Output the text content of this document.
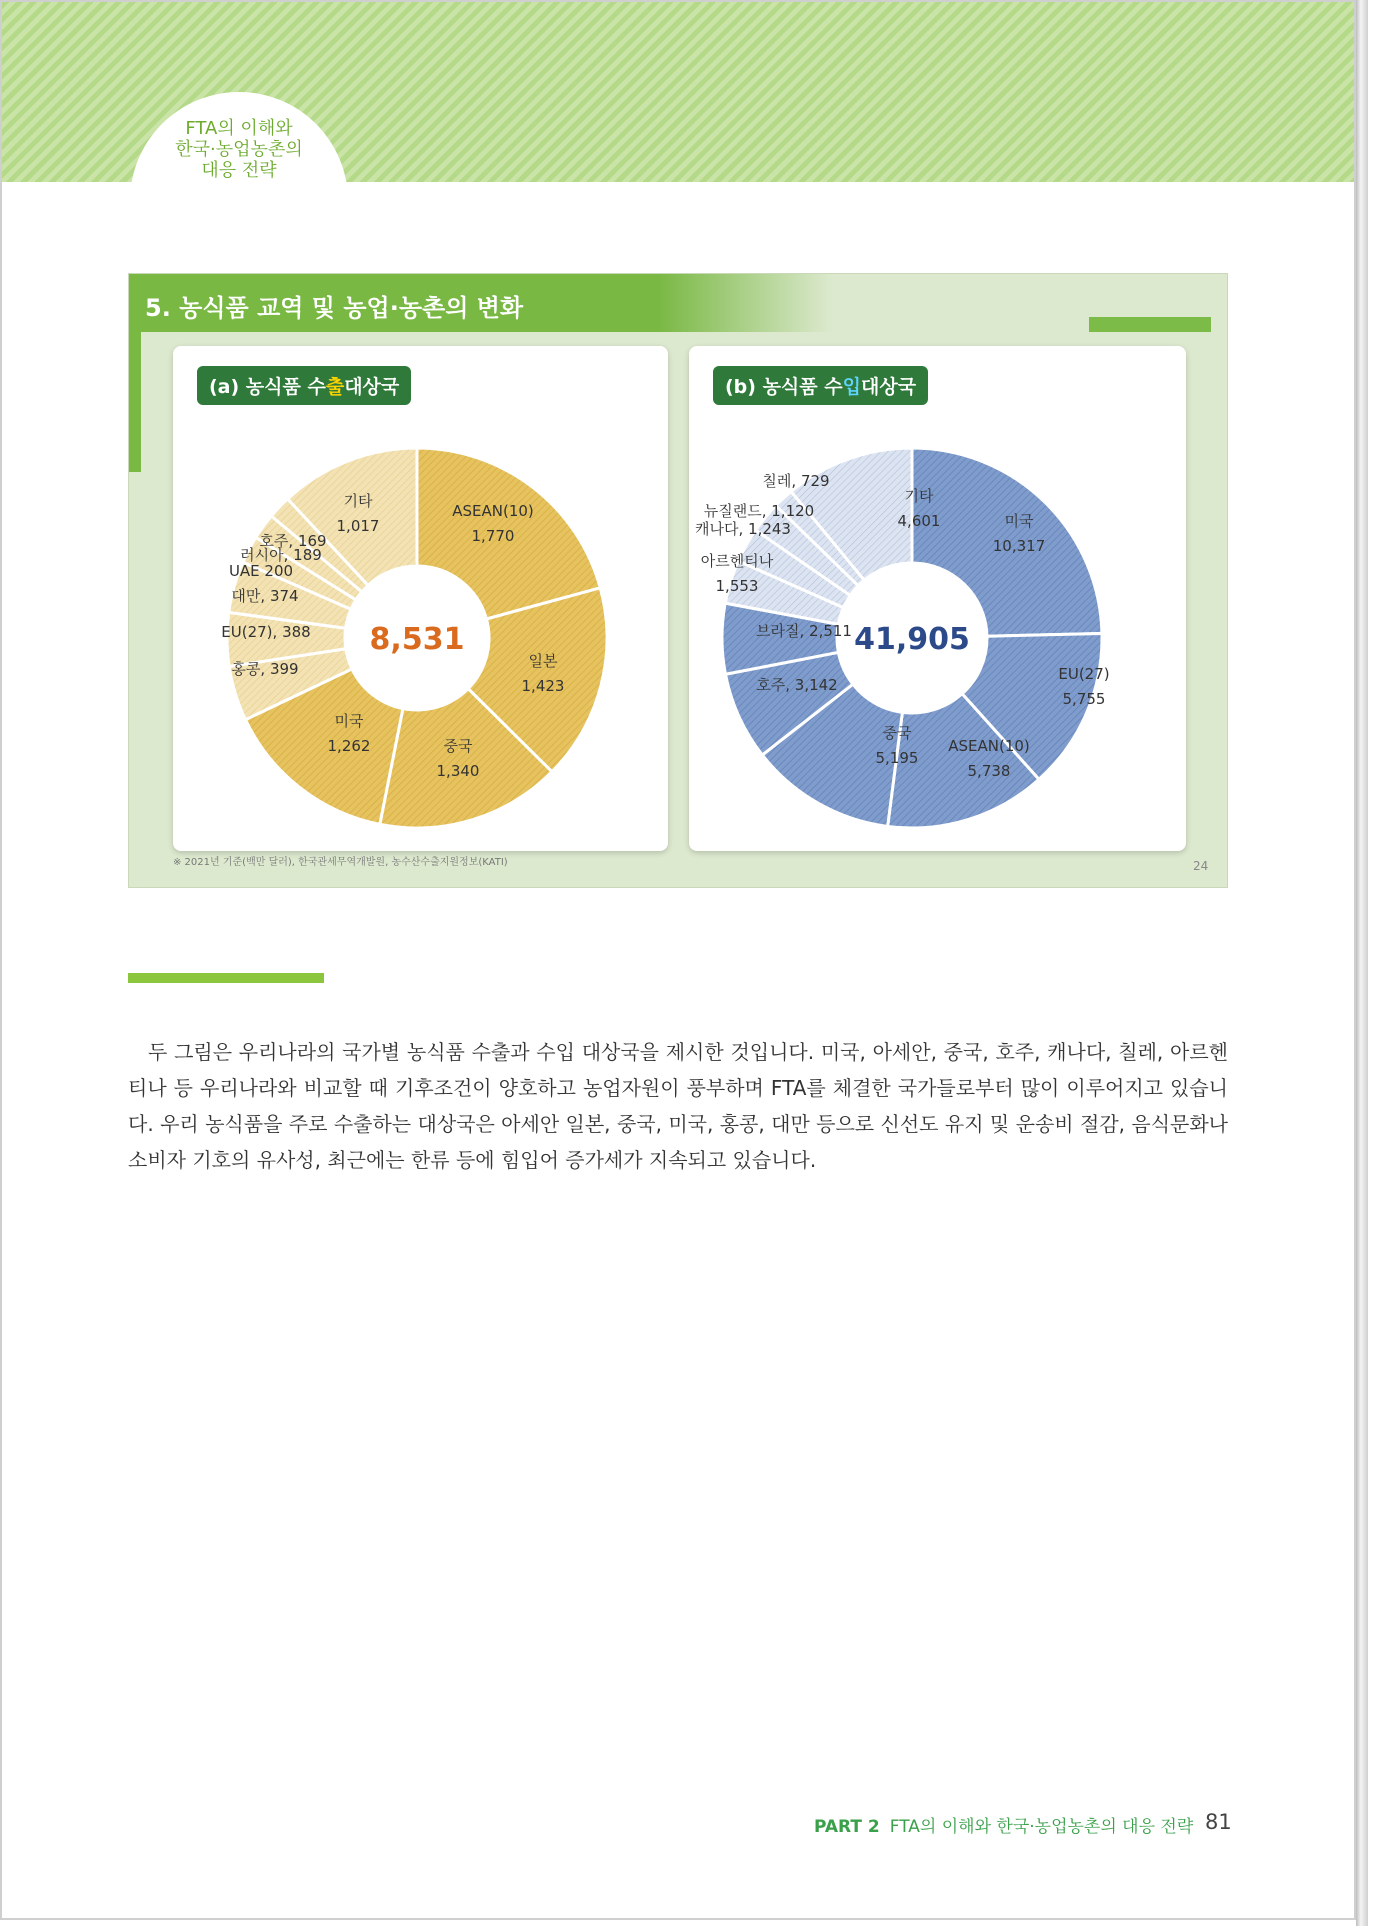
FTA의 이해와
한국·농업농촌의
대응 전략
5. 농식품 교역 및 농업·농촌의 변화
8,531
ASEAN(10)
1,770
일본
1,423
중국
1,340
미국
1,262
홍콩, 399
EU(27), 388
대만, 374
UAE 200
러시아, 189
호주, 169
기타
1,017
(a) 농식품 수출대상국
41,905
미국
10,317
EU(27)
5,755
ASEAN(10)
5,738
중국
5,195
호주, 3,142
브라질, 2,511
아르헨티나
1,553
캐나다, 1,243
뉴질랜드, 1,120
칠레, 729
기타
4,601
(b) 농식품 수입대상국
※ 2021년 기준(백만 달러), 한국관세무역개발원, 농수산수출지원정보(KATI)	24
두 그림은 우리나라의 국가별 농식품 수출과 수입 대상국을 제시한 것입니다. 미국, 아세안, 중국, 호주, 캐나다, 칠레, 아르헨티나 등 우리나라와 비교할 때 기후조건이 양호하고 농업자원이 풍부하며 FTA를 체결한 국가들로부터 많이 이루어지고 있습니다. 우리 농식품을 주로 수출하는 대상국은 아세안 일본, 중국, 미국, 홍콩, 대만 등으로 신선도 유지 및 운송비 절감, 음식문화나 소비자 기호의 유사성, 최근에는 한류 등에 힘입어 증가세가 지속되고 있습니다.
PART 2 FTA의 이해와 한국·농업농촌의 대응 전략 81
